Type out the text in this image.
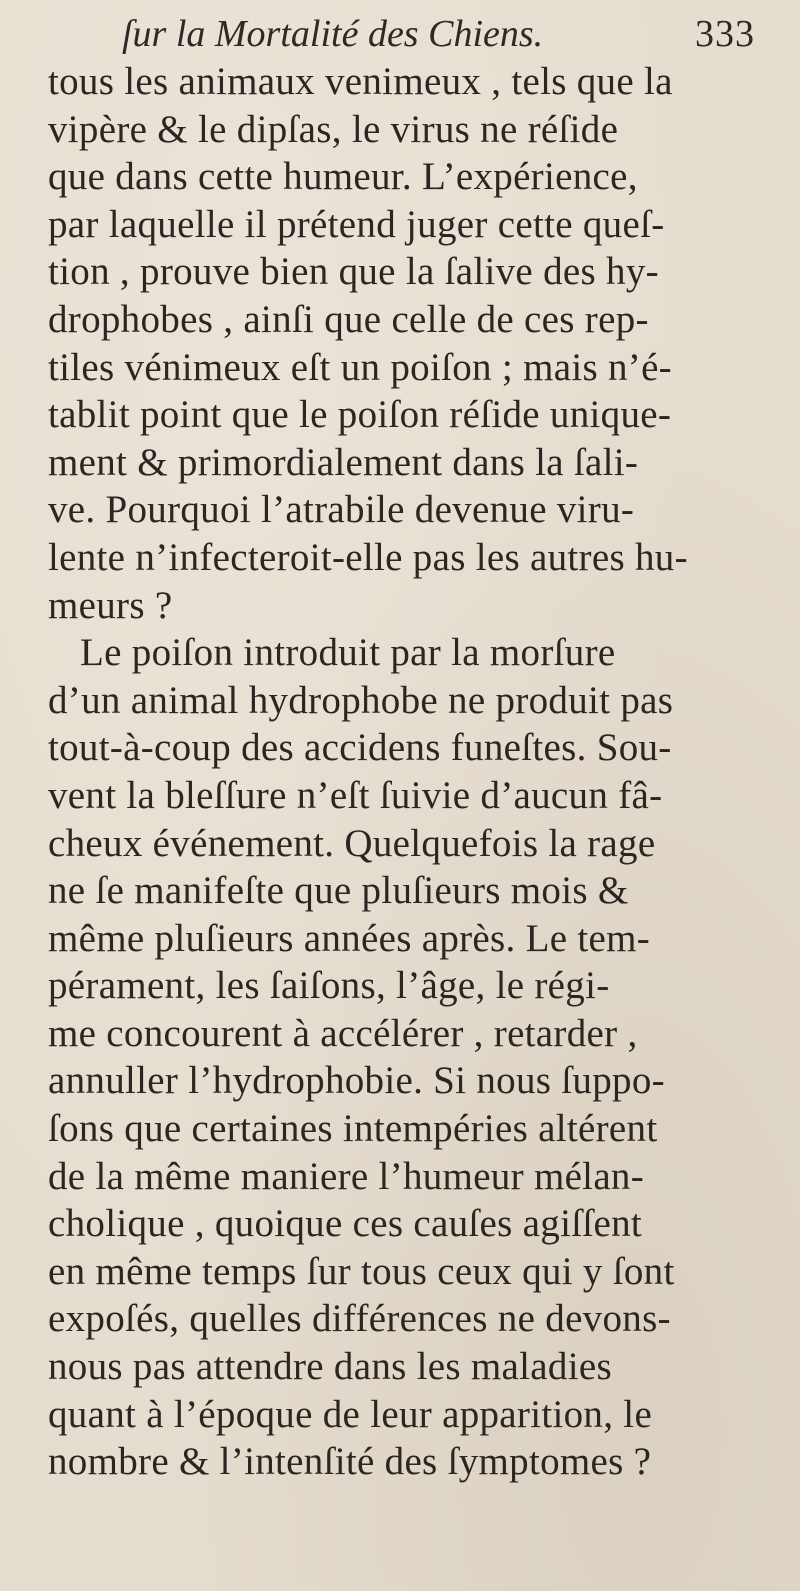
ſur la Mortalité des Chiens.	333
tous les animaux venimeux , tels que la
vipère & le dipſas, le virus ne réſide
que dans cette humeur. L’expérience,
par laquelle il prétend juger cette queſ-
tion , prouve bien que la ſalive des hy-
drophobes , ainſi que celle de ces rep-
tiles vénimeux eſt un poiſon ; mais n’é-
tablit point que le poiſon réſide unique-
ment & primordialement dans la ſali-
ve. Pourquoi l’atrabile devenue viru-
lente n’infecteroit-elle pas les autres hu-
meurs ?
Le poiſon introduit par la morſure
d’un animal hydrophobe ne produit pas
tout-à-coup des accidens funeſtes. Sou-
vent la bleſſure n’eſt ſuivie d’aucun fâ-
cheux événement. Quelquefois la rage
ne ſe manifeſte que pluſieurs mois &
même pluſieurs années après. Le tem-
pérament, les ſaiſons, l’âge, le régi-
me concourent à accélérer , retarder ,
annuller l’hydrophobie. Si nous ſuppo-
ſons que certaines intempéries altérent
de la même maniere l’humeur mélan-
cholique , quoique ces cauſes agiſſent
en même temps ſur tous ceux qui y ſont
expoſés, quelles différences ne devons-
nous pas attendre dans les maladies
quant à l’époque de leur apparition, le
nombre & l’intenſité des ſymptomes ?
